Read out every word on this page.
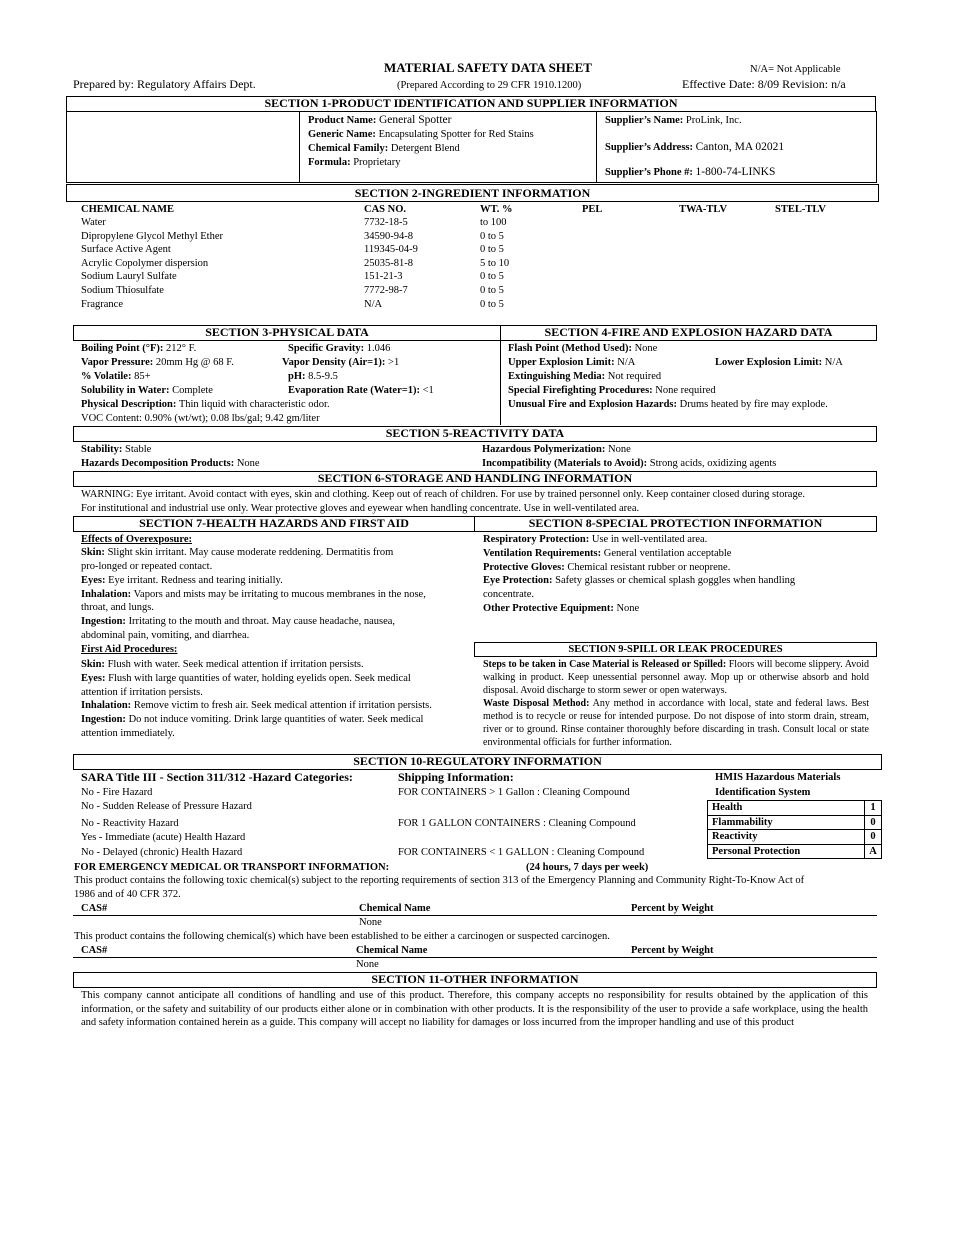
MATERIAL SAFETY DATA SHEET	N/A= Not Applicable
Prepared by: Regulatory Affairs Dept.	(Prepared According to 29 CFR 1910.1200)	Effective Date: 8/09 Revision: n/a
SECTION 1-PRODUCT IDENTIFICATION AND SUPPLIER INFORMATION
Product Name: General Spotter
Generic Name: Encapsulating Spotter for Red Stains
Chemical Family: Detergent Blend
Formula: Proprietary
Supplier’s Name: ProLink, Inc.
Supplier’s Address: Canton, MA 02021
Supplier’s Phone #: 1-800-74-LINKS
SECTION 2-INGREDIENT INFORMATION
CHEMICAL NAME	CAS NO.	WT. %	PEL	TWA-TLV	STEL-TLV
Water	7732-18-5	to 100
Dipropylene Glycol Methyl Ether	34590-94-8	0 to 5
Surface Active Agent	119345-04-9	0 to 5
Acrylic Copolymer dispersion	25035-81-8	5 to 10
Sodium Lauryl Sulfate	151-21-3	0 to 5
Sodium Thiosulfate	7772-98-7	0 to 5
Fragrance	N/A	0 to 5
SECTION 3-PHYSICAL DATA	SECTION 4-FIRE AND EXPLOSION HAZARD DATA
Boiling Point (°F): 212° F.	Specific Gravity: 1.046
Vapor Pressure: 20mm Hg @ 68 F.	Vapor Density (Air=1): >1
% Volatile: 85+	pH: 8.5-9.5
Solubility in Water: Complete	Evaporation Rate (Water=1): <1
Physical Description: Thin liquid with characteristic odor.
VOC Content: 0.90% (wt/wt); 0.08 lbs/gal; 9.42 gm/liter
Flash Point (Method Used): None
Upper Explosion Limit: N/A	Lower Explosion Limit: N/A
Extinguishing Media: Not required
Special Firefighting Procedures: None required
Unusual Fire and Explosion Hazards: Drums heated by fire may explode.
SECTION 5-REACTIVITY DATA
Stability: Stable	Hazardous Polymerization: None
Hazards Decomposition Products: None	Incompatibility (Materials to Avoid): Strong acids, oxidizing agents
SECTION 6-STORAGE AND HANDLING INFORMATION
WARNING: Eye irritant. Avoid contact with eyes, skin and clothing. Keep out of reach of children. For use by trained personnel only. Keep container closed during storage.
For institutional and industrial use only. Wear protective gloves and eyewear when handling concentrate. Use in well-ventilated area.
SECTION 7-HEALTH HAZARDS AND FIRST AID	SECTION 8-SPECIAL PROTECTION INFORMATION
Effects of Overexposure:
Skin: Slight skin irritant. May cause moderate reddening. Dermatitis from
pro-longed or repeated contact.
Eyes: Eye irritant. Redness and tearing initially.
Inhalation: Vapors and mists may be irritating to mucous membranes in the nose,
throat, and lungs.
Ingestion: Irritating to the mouth and throat. May cause headache, nausea,
abdominal pain, vomiting, and diarrhea.
First Aid Procedures:
Skin: Flush with water. Seek medical attention if irritation persists.
Eyes: Flush with large quantities of water, holding eyelids open. Seek medical
attention if irritation persists.
Inhalation: Remove victim to fresh air. Seek medical attention if irritation persists.
Ingestion: Do not induce vomiting. Drink large quantities of water. Seek medical
attention immediately.
Respiratory Protection: Use in well-ventilated area.
Ventilation Requirements: General ventilation acceptable
Protective Gloves: Chemical resistant rubber or neoprene.
Eye Protection: Safety glasses or chemical splash goggles when handling
concentrate.
Other Protective Equipment: None
SECTION 9-SPILL OR LEAK PROCEDURES
Steps to be taken in Case Material is Released or Spilled: Floors will become slippery. Avoid walking in product. Keep unessential personnel away. Mop up or otherwise absorb and hold disposal. Avoid discharge to storm sewer or open waterways.
Waste Disposal Method: Any method in accordance with local, state and federal laws. Best method is to recycle or reuse for intended purpose. Do not dispose of into storm drain, stream, river or to ground. Rinse container thoroughly before discarding in trash. Consult local or state environmental officials for further information.
SECTION 10-REGULATORY INFORMATION
SARA Title III - Section 311/312 -Hazard Categories:
No - Fire Hazard
No - Sudden Release of Pressure Hazard
No - Reactivity Hazard
Yes - Immediate (acute) Health Hazard
No - Delayed (chronic) Health Hazard
Shipping Information:
FOR CONTAINERS > 1 Gallon : Cleaning Compound
FOR 1 GALLON CONTAINERS : Cleaning Compound
FOR CONTAINERS < 1 GALLON : Cleaning Compound
HMIS Hazardous Materials
Identification System
Health	1
Flammability	0
Reactivity	0
Personal Protection	A
FOR EMERGENCY MEDICAL OR TRANSPORT INFORMATION:	(24 hours, 7 days per week)
This product contains the following toxic chemical(s) subject to the reporting requirements of section 313 of the Emergency Planning and Community Right-To-Know Act of
1986 and of 40 CFR 372.
CAS#	Chemical Name	Percent by Weight
None
This product contains the following chemical(s) which have been established to be either a carcinogen or suspected carcinogen.
CAS#	Chemical Name	Percent by Weight
None
SECTION 11-OTHER INFORMATION
This company cannot anticipate all conditions of handling and use of this product. Therefore, this company accepts no responsibility for results obtained by the application of this information, or the safety and suitability of our products either alone or in combination with other products. It is the responsibility of the user to provide a safe workplace, using the health and safety information contained herein as a guide. This company will accept no liability for damages or loss incurred from the improper handling and use of this product
